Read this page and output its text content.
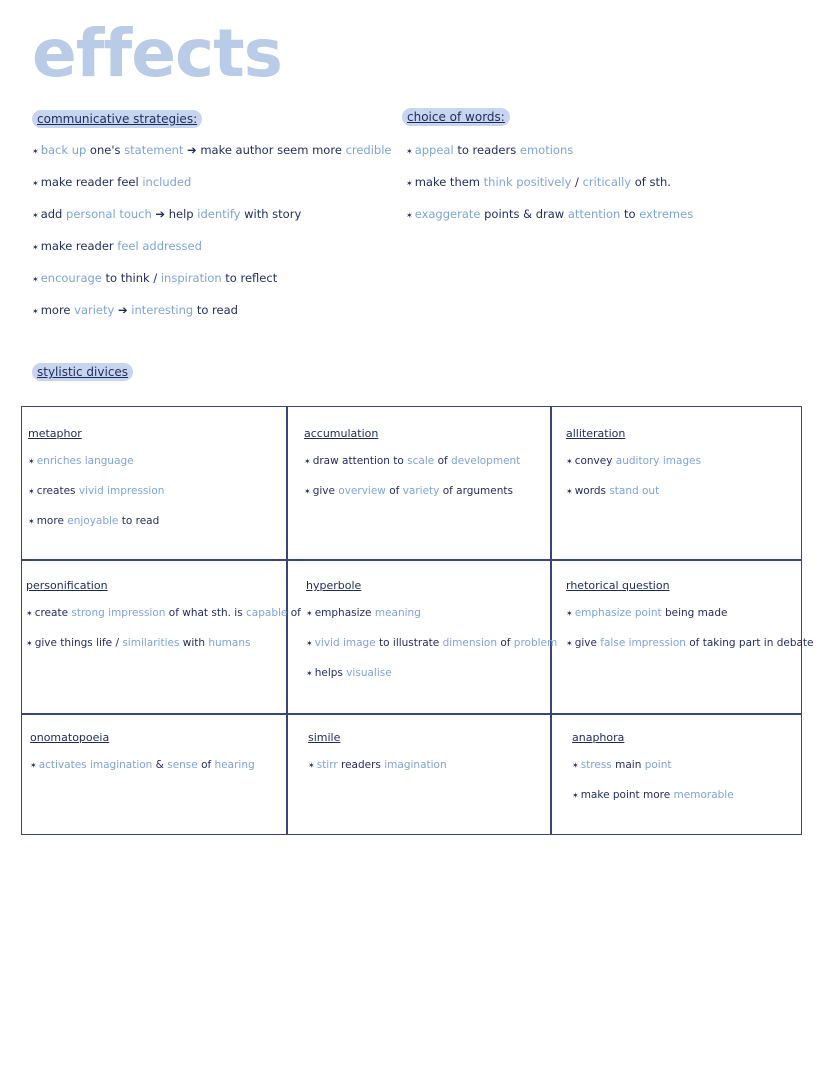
effects
communicative strategies:
✶ back up one's statement ➔ make author seem more credible
✶ make reader feel included
✶ add personal touch ➔ help identify with story
✶ make reader feel addressed
✶ encourage to think / inspiration to reflect
✶ more variety ➔ interesting to read
choice of words:
✶ appeal to readers emotions
✶ make them think positively / critically of sth.
✶ exaggerate points & draw attention to extremes
stylistic divices
metaphor
✶ enriches language
✶ creates vivid impression
✶ more enjoyable to read
accumulation
✶ draw attention to scale of development
✶ give overview of variety of arguments
alliteration
✶ convey auditory images
✶ words stand out
personification
✶ create strong impression of what sth. is capable of
✶ give things life / similarities with humans
hyperbole
✶ emphasize meaning
✶ vivid image to illustrate dimension of problem
✶ helps visualise
rhetorical question
✶ emphasize point being made
✶ give false impression of taking part in debate
onomatopoeia
✶ activates imagination & sense of hearing
simile
✶ stirr readers imagination
anaphora
✶ stress main point
✶ make point more memorable
